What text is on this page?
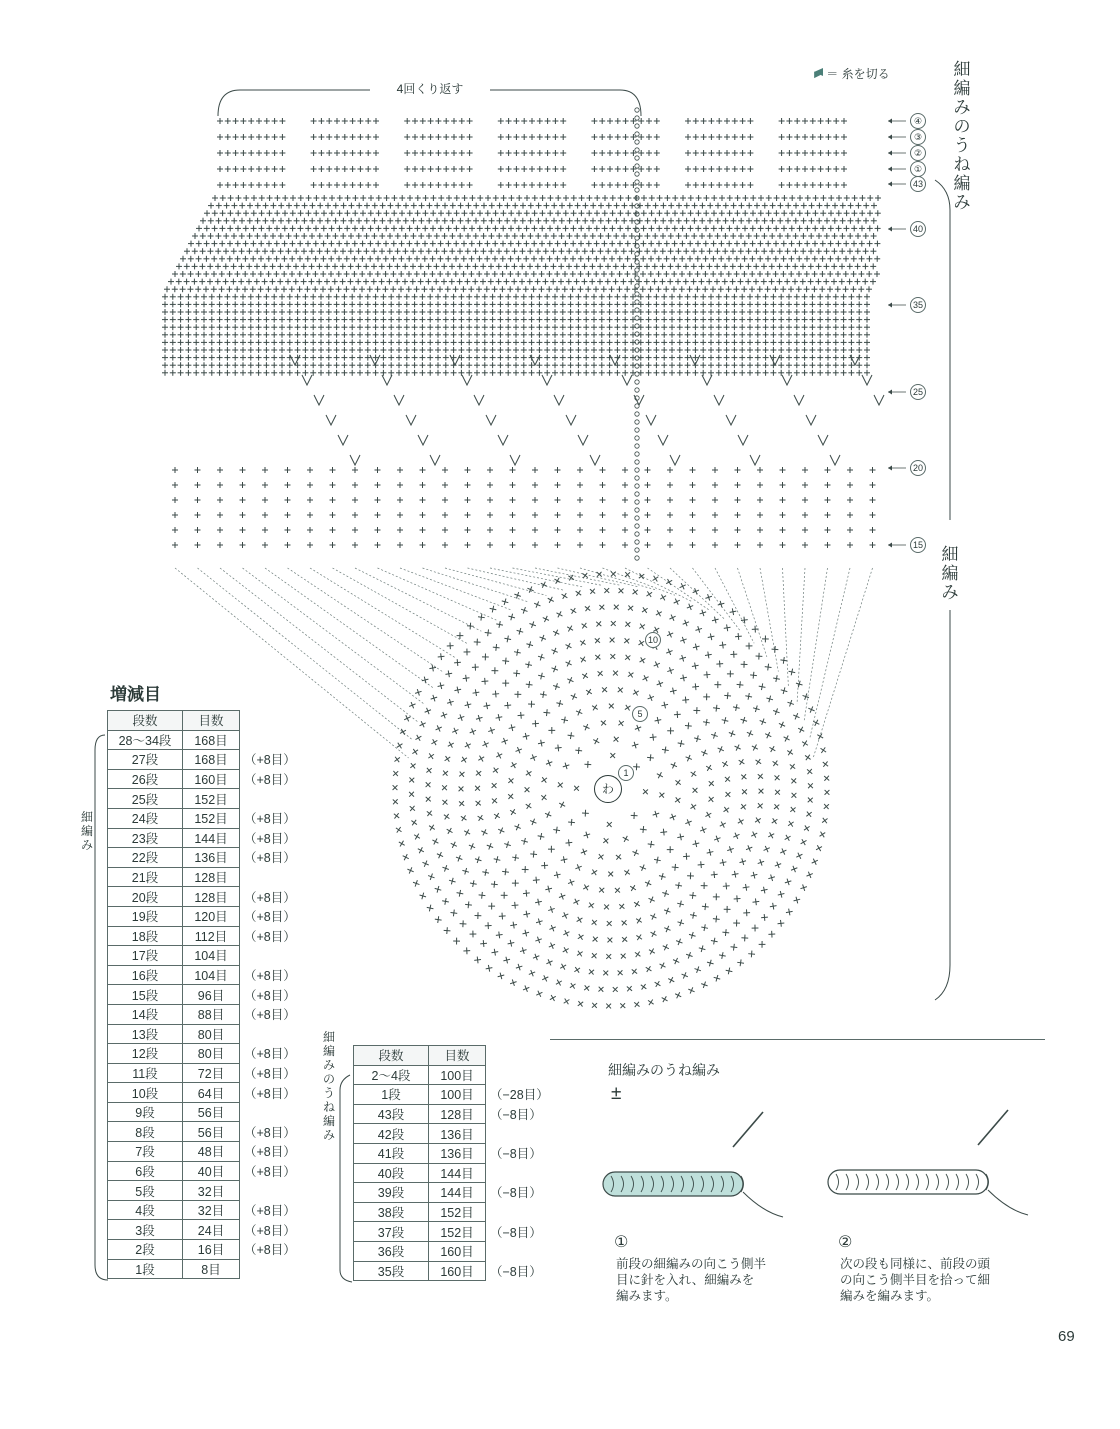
► ＝ 糸を切る
4回くり返す
細編みのうね編み
細編み
④
③
②
①
43
40
35
25
20
15
10
5
1
わ
増減目
細編み
段数	目数	
28～34段	168目	
27段	168目	（+8目）
26段	160目	（+8目）
25段	152目	
24段	152目	（+8目）
23段	144目	（+8目）
22段	136目	（+8目）
21段	128目	
20段	128目	（+8目）
19段	120目	（+8目）
18段	112目	（+8目）
17段	104目	
16段	104目	（+8目）
15段	96目	（+8目）
14段	88目	（+8目）
13段	80目	
12段	80目	（+8目）
11段	72目	（+8目）
10段	64目	（+8目）
9段	56目	
8段	56目	（+8目）
7段	48目	（+8目）
6段	40目	（+8目）
5段	32目	
4段	32目	（+8目）
3段	24目	（+8目）
2段	16目	（+8目）
1段	8目	
細編みのうね編み
段数	目数	
2～4段	100目	
1段	100目	（−28目）
43段	128目	（−8目）
42段	136目	
41段	136目	（−8目）
40段	144目	
39段	144目	（−8目）
38段	152目	
37段	152目	（−8目）
36段	160目	
35段	160目	（−8目）
細編みのうね編み
±
①
前段の細編みの向こう側半目に針を入れ、細編みを編みます。
②
次の段も同様に、前段の頭の向こう側半目を拾って細編みを編みます。
69
